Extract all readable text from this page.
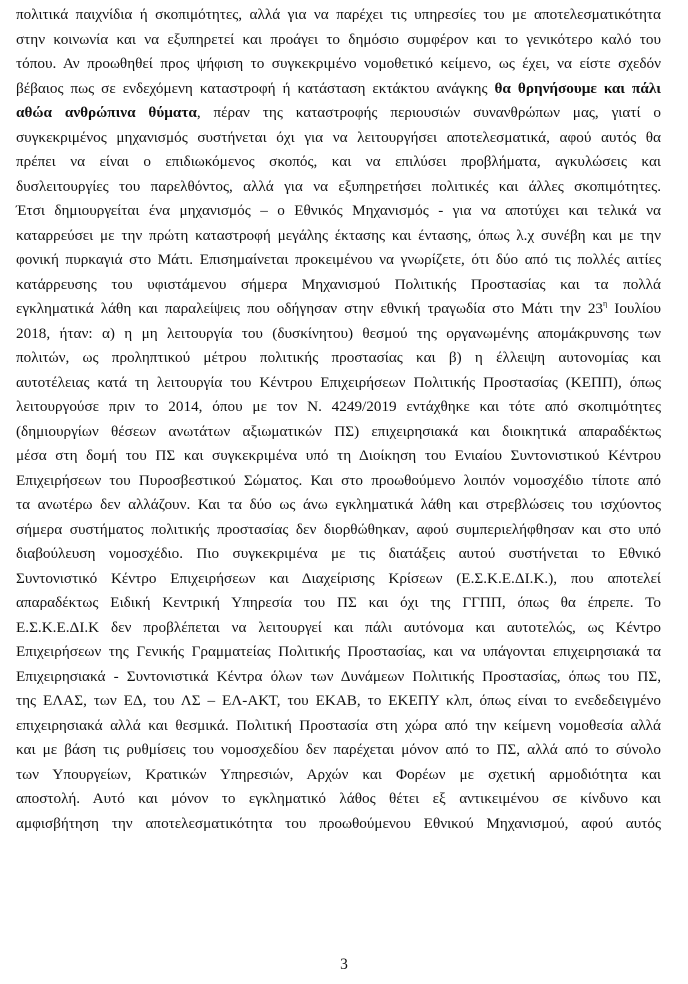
πολιτικά παιχνίδια ή σκοπιμότητες, αλλά για να παρέχει τις υπηρεσίες του με αποτελεσματικότητα
στην κοινωνία και να εξυπηρετεί και προάγει το δημόσιο συμφέρον και το γενικότερο καλό του
τόπου. Αν προωθηθεί προς ψήφιση το συγκεκριμένο νομοθετικό κείμενο, ως έχει, να είστε σχεδόν
βέβαιος πως σε ενδεχόμενη καταστροφή ή κατάσταση εκτάκτου ανάγκης θα θρηνήσουμε και πάλι
αθώα ανθρώπινα θύματα, πέραν της καταστροφής περιουσιών συνανθρώπων μας, γιατί ο
συγκεκριμένος μηχανισμός συστήνεται όχι για να λειτουργήσει αποτελεσματικά, αφού αυτός θα
πρέπει να είναι ο επιδιωκόμενος σκοπός, και να επιλύσει προβλήματα, αγκυλώσεις και
δυσλειτουργίες του παρελθόντος, αλλά για να εξυπηρετήσει πολιτικές και άλλες σκοπιμότητες.
Έτσι δημιουργείται ένα μηχανισμός – ο Εθνικός Μηχανισμός - για να αποτύχει και τελικά να
καταρρεύσει με την πρώτη καταστροφή μεγάλης έκτασης και έντασης, όπως λ.χ συνέβη και με την
φονική πυρκαγιά στο Μάτι. Επισημαίνεται προκειμένου να γνωρίζετε, ότι δύο από τις πολλές αιτίες
κατάρρευσης του υφιστάμενου σήμερα Μηχανισμού Πολιτικής Προστασίας και τα πολλά
εγκληματικά λάθη και παραλείψεις που οδήγησαν στην εθνική τραγωδία στο Μάτι την $23^\eta$ Ιουλίου
2018, ήταν: α) η μη λειτουργία του (δυσκίνητου) θεσμού της οργανωμένης απομάκρυνσης των
πολιτών, ως προληπτικού μέτρου πολιτικής προστασίας και β) η έλλειψη αυτονομίας και
αυτοτέλειας κατά τη λειτουργία του Κέντρου Επιχειρήσεων Πολιτικής Προστασίας (ΚΕΠΠ), όπως
λειτουργούσε πριν το 2014, όπου με τον Ν. 4249/2019 εντάχθηκε και τότε από σκοπιμότητες
(δημιουργίων θέσεων ανωτάτων αξιωματικών ΠΣ) επιχειρησιακά και διοικητικά απαραδέκτως
μέσα στη δομή του ΠΣ και συγκεκριμένα υπό τη Διοίκηση του Ενιαίου Συντονιστικού Κέντρου
Επιχειρήσεων του Πυροσβεστικού Σώματος. Και στο προωθούμενο λοιπόν νομοσχέδιο τίποτε από
τα ανωτέρω δεν αλλάζουν. Και τα δύο ως άνω εγκληματικά λάθη και στρεβλώσεις του ισχύοντος
σήμερα συστήματος πολιτικής προστασίας δεν διορθώθηκαν, αφού συμπεριελήφθησαν και στο υπό
διαβούλευση νομοσχέδιο. Πιο συγκεκριμένα με τις διατάξεις αυτού συστήνεται το Εθνικό
Συντονιστικό Κέντρο Επιχειρήσεων και Διαχείρισης Κρίσεων (Ε.Σ.Κ.Ε.ΔΙ.Κ.), που αποτελεί
απαραδέκτως Ειδική Κεντρική Υπηρεσία του ΠΣ και όχι της ΓΓΠΠ, όπως θα έπρεπε. Το
Ε.Σ.Κ.Ε.ΔΙ.Κ δεν προβλέπεται να λειτουργεί και πάλι αυτόνομα και αυτοτελώς, ως Κέντρο
Επιχειρήσεων της Γενικής Γραμματείας Πολιτικής Προστασίας, και να υπάγονται επιχειρησιακά τα
Επιχειρησιακά - Συντονιστικά Κέντρα όλων των Δυνάμεων Πολιτικής Προστασίας, όπως του ΠΣ,
της ΕΛΑΣ, των ΕΔ, του ΛΣ – ΕΛ-ΑΚΤ, του ΕΚΑΒ, το ΕΚΕΠΥ κλπ, όπως είναι το ενεδεδειγμένο
επιχειρησιακά αλλά και θεσμικά. Πολιτική Προστασία στη χώρα από την κείμενη νομοθεσία αλλά
και με βάση τις ρυθμίσεις του νομοσχεδίου δεν παρέχεται μόνον από το ΠΣ, αλλά από το σύνολο
των Υπουργείων, Κρατικών Υπηρεσιών, Αρχών και Φορέων με σχετική αρμοδιότητα και
αποστολή. Αυτό και μόνον το εγκληματικό λάθος θέτει εξ αντικειμένου σε κίνδυνο και
αμφισβήτηση την αποτελεσματικότητα του προωθούμενου Εθνικού Μηχανισμού, αφού αυτός
3
